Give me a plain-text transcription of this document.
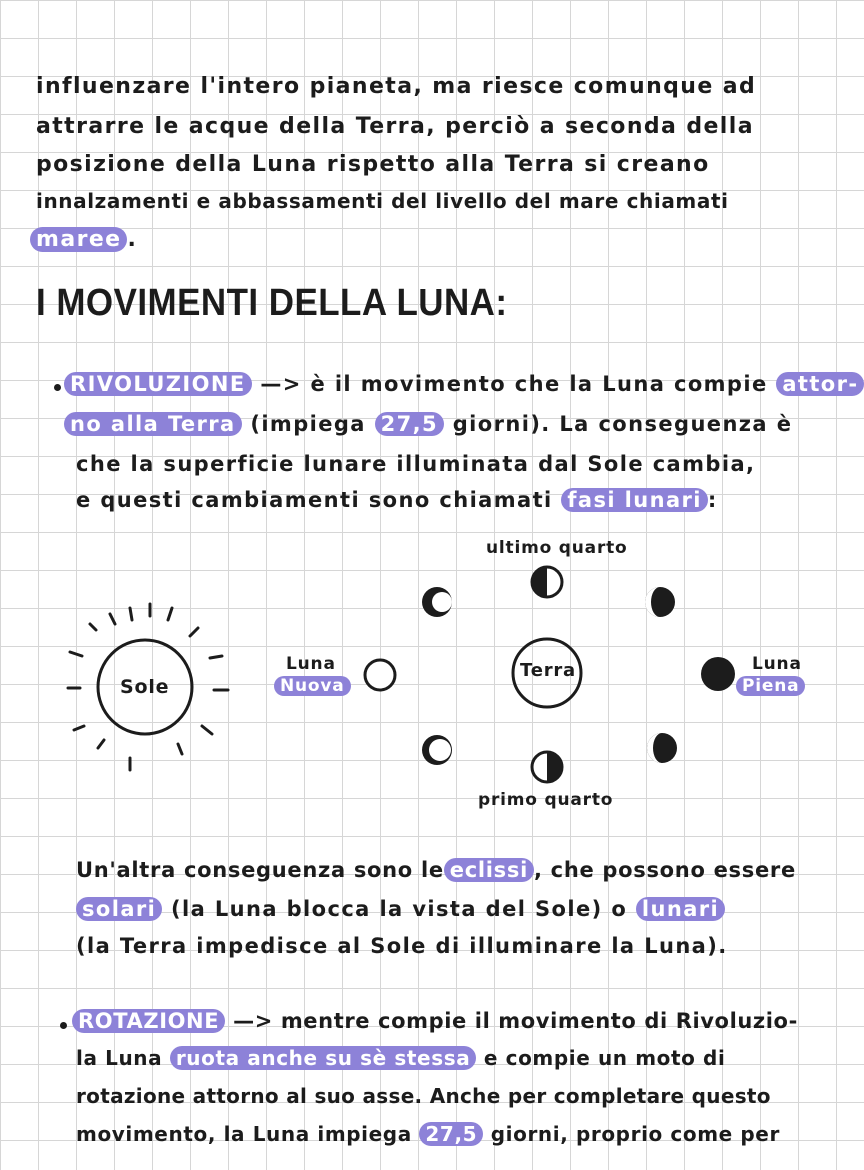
influenzare l'intero pianeta, ma riesce comunque ad
attrarre le acque della Terra, perciò a seconda della
posizione della Luna rispetto alla Terra si creano
innalzamenti e abbassamenti del livello del mare chiamati
maree .
I MOVIMENTI DELLA LUNA:
RIVOLUZIONE —> è il movimento che la Luna compie attor-
no alla Terra (impiega 27,5 giorni). La conseguenza è
che la superficie lunare illuminata dal Sole cambia,
e questi cambiamenti sono chiamati fasi lunari :
Sole
Terra
ultimo quarto
primo quarto
Luna
Nuova
Luna
Piena
Un'altra conseguenza sono le eclissi , che possono essere
solari (la Luna blocca la vista del Sole) o lunari
(la Terra impedisce al Sole di illuminare la Luna).
ROTAZIONE —> mentre compie il movimento di Rivoluzio-
la Luna ruota anche su sè stessa e compie un moto di
rotazione attorno al suo asse. Anche per completare questo
movimento, la Luna impiega 27,5 giorni, proprio come per
